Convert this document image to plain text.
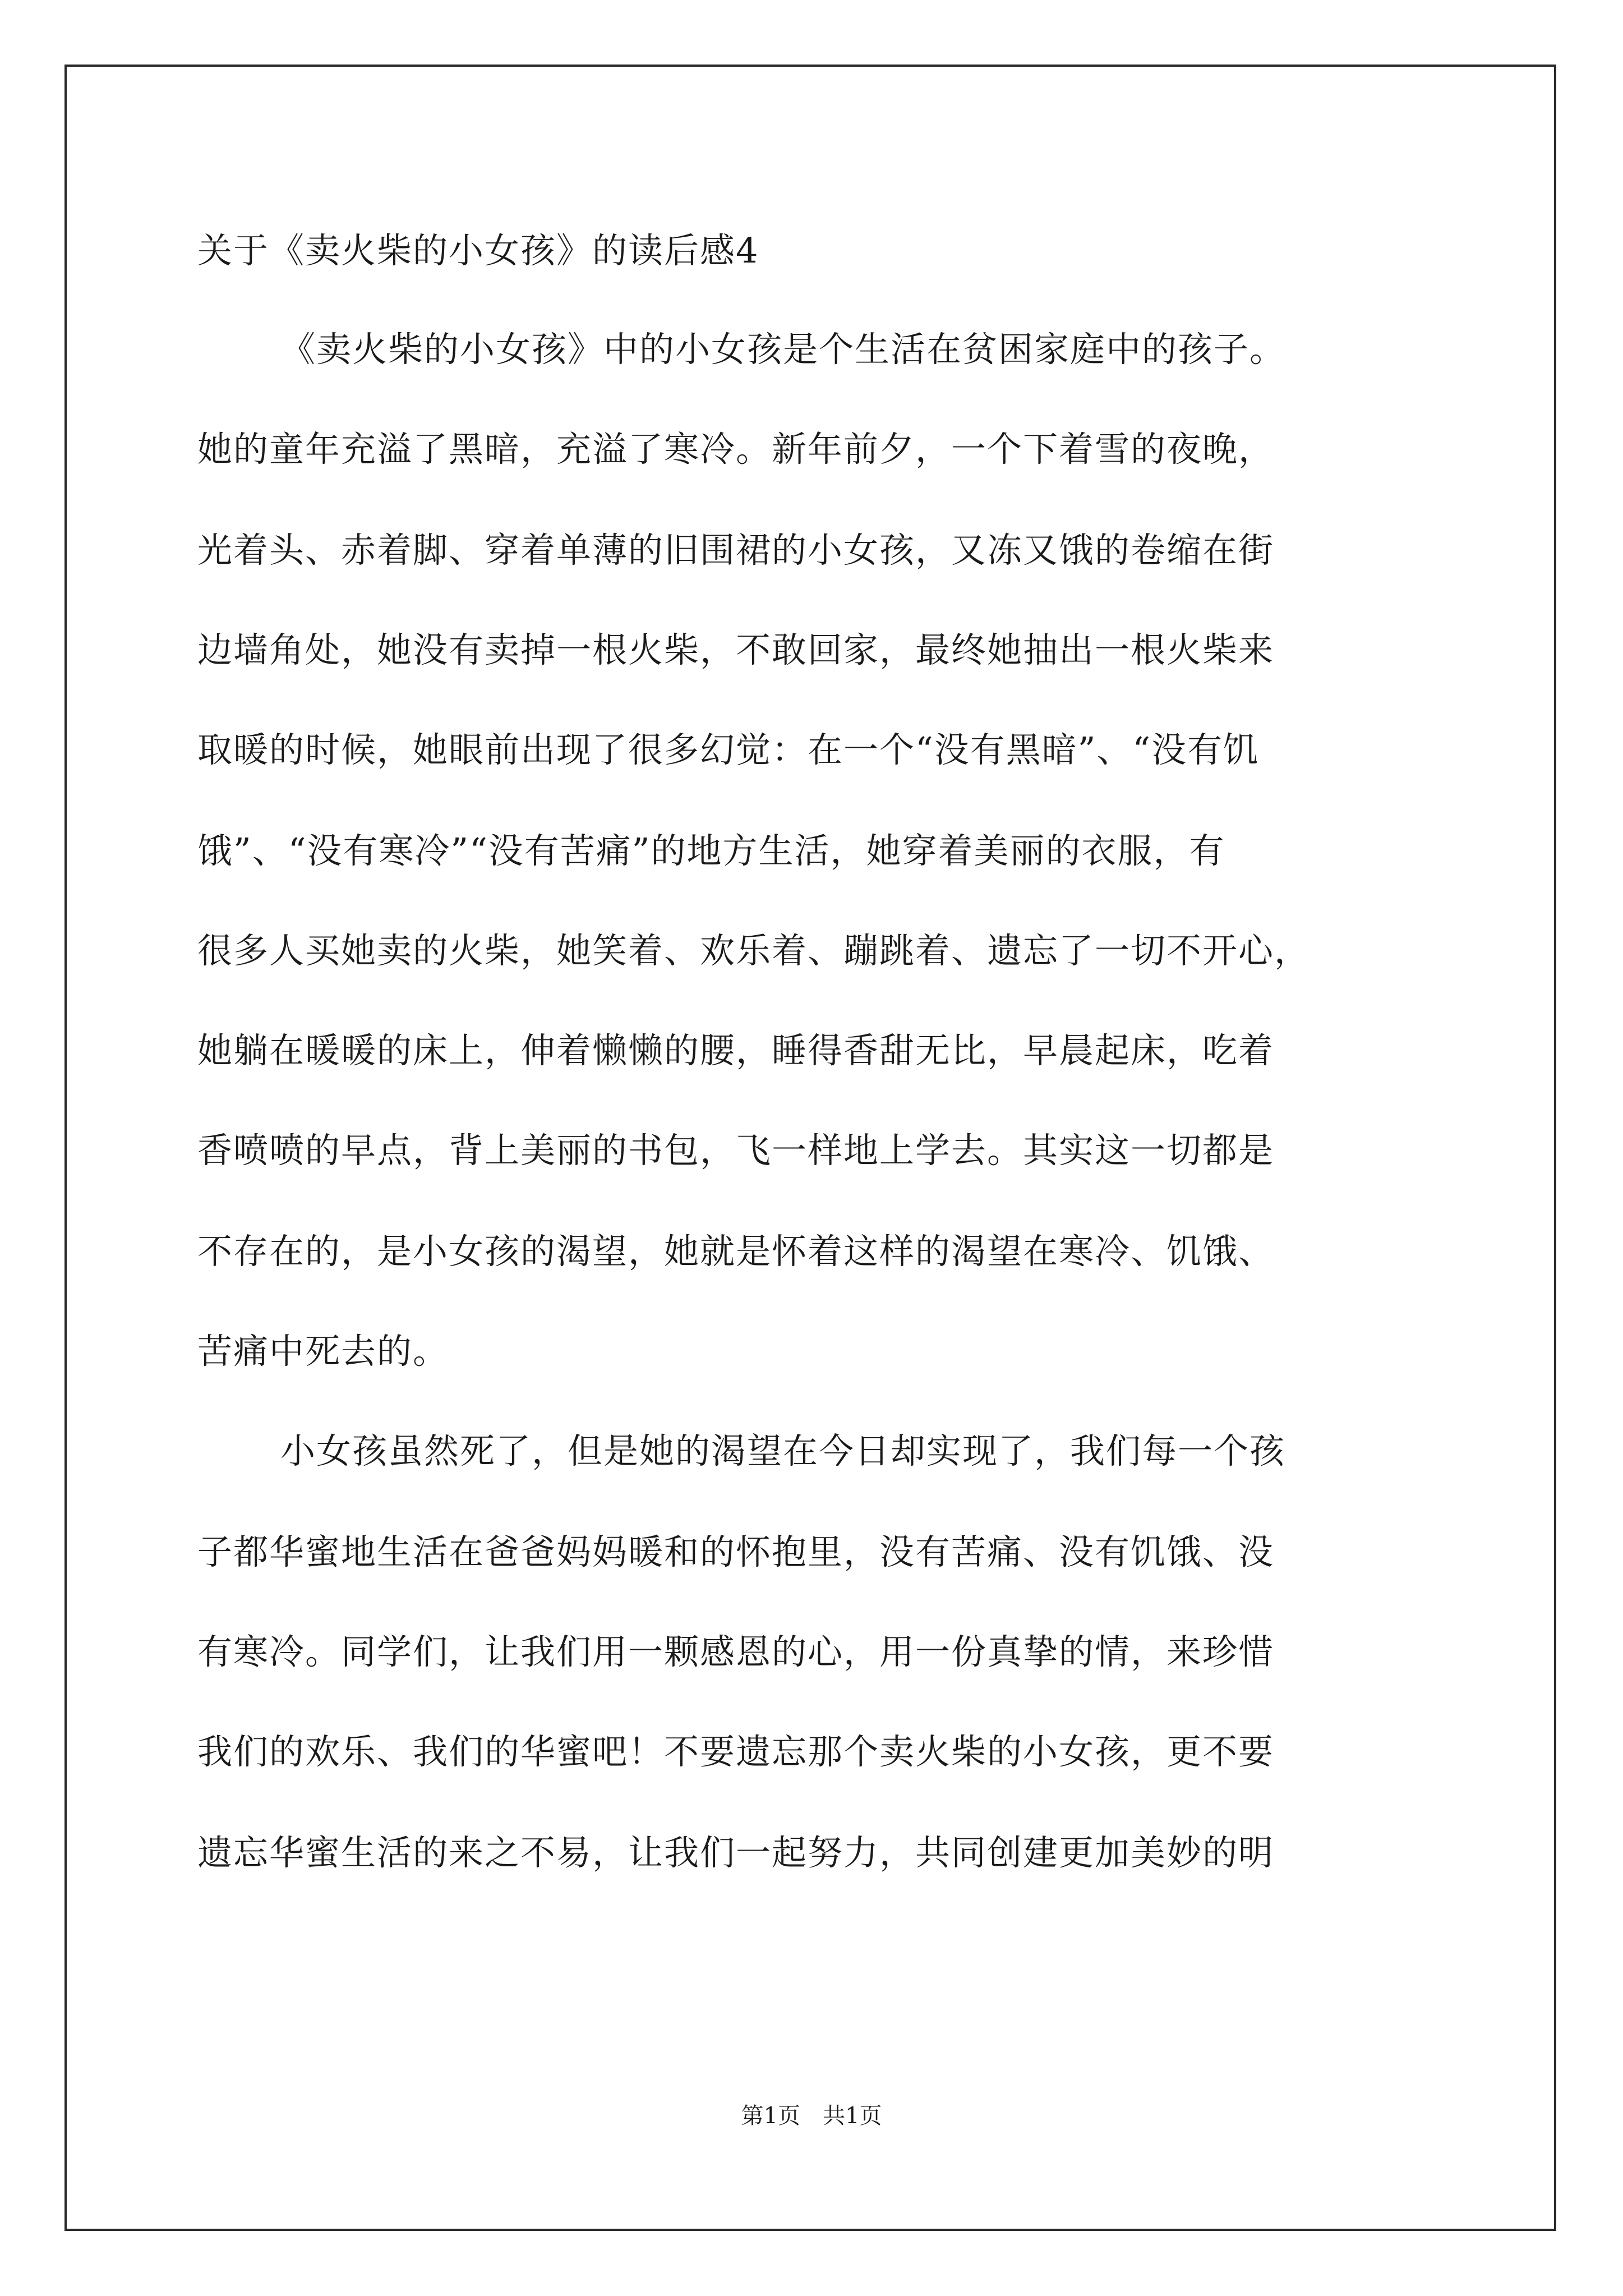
关于《卖火柴的小女孩》的读后感4
《卖火柴的小女孩》中的小女孩是个生活在贫困家庭中的孩子。
她的童年充溢了黑暗，充溢了寒冷。新年前夕，一个下着雪的夜晚，
光着头、赤着脚、穿着单薄的旧围裙的小女孩，又冻又饿的卷缩在街
边墙角处，她没有卖掉一根火柴，不敢回家，最终她抽出一根火柴来
取暖的时候，她眼前出现了很多幻觉：在一个“没有黑暗”、“没有饥
饿”、“没有寒冷”“没有苦痛”的地方生活，她穿着美丽的衣服，有
很多人买她卖的火柴，她笑着、欢乐着、蹦跳着、遗忘了一切不开心，
她躺在暖暖的床上，伸着懒懒的腰，睡得香甜无比，早晨起床，吃着
香喷喷的早点，背上美丽的书包，飞一样地上学去。其实这一切都是
不存在的，是小女孩的渴望，她就是怀着这样的渴望在寒冷、饥饿、
苦痛中死去的。
小女孩虽然死了，但是她的渴望在今日却实现了，我们每一个孩
子都华蜜地生活在爸爸妈妈暖和的怀抱里，没有苦痛、没有饥饿、没
有寒冷。同学们，让我们用一颗感恩的心，用一份真挚的情，来珍惜
我们的欢乐、我们的华蜜吧！不要遗忘那个卖火柴的小女孩，更不要
遗忘华蜜生活的来之不易，让我们一起努力，共同创建更加美妙的明
第1页　共1页
